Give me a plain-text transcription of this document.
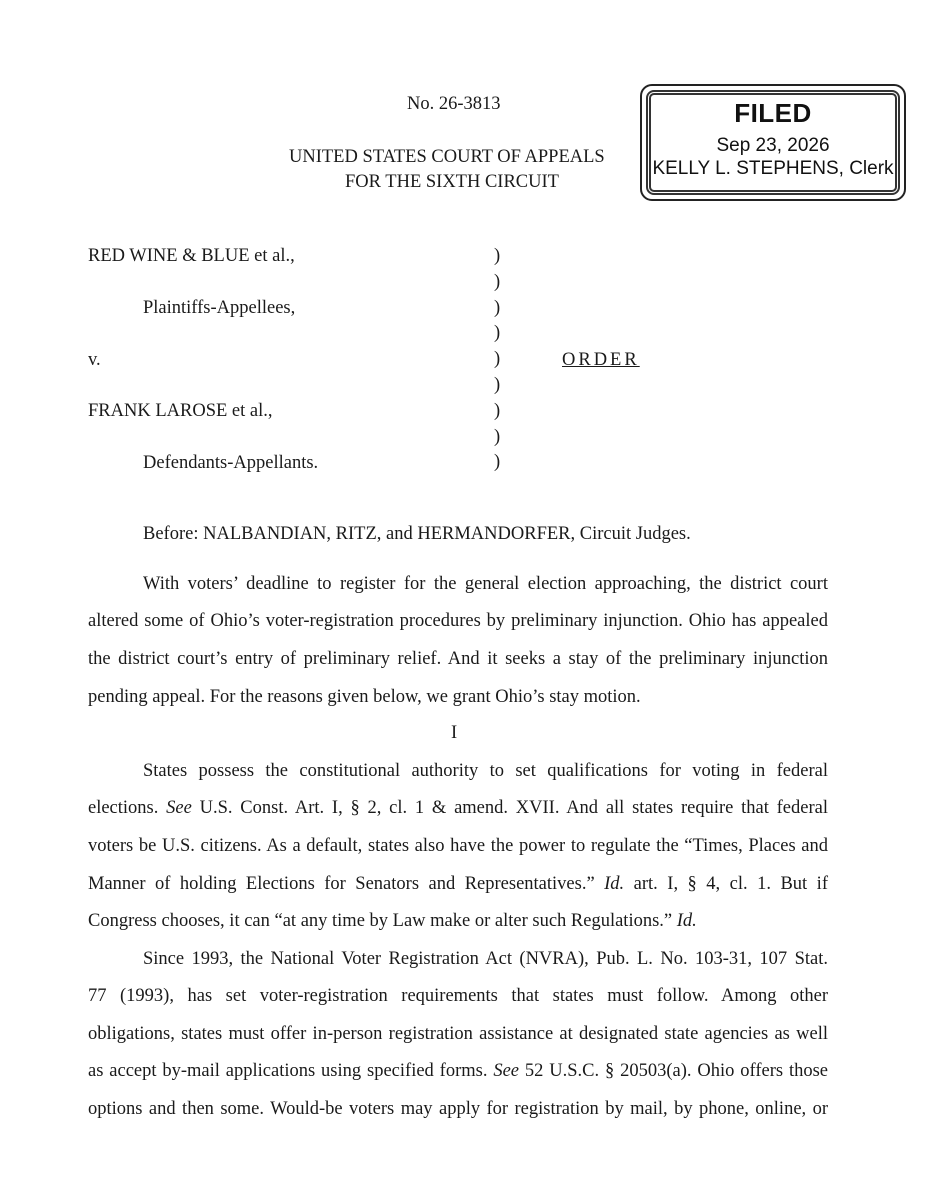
No. 26-3813
UNITED STATES COURT OF APPEALS
FOR THE SIXTH CIRCUIT
FILED
Sep 23, 2026
KELLY L. STEPHENS, Clerk
RED WINE & BLUE et al.,
Plaintiffs-Appellees,
v.
FRANK LAROSE et al.,
Defendants-Appellants.
)
)
)
)
)
)
)
)
)
ORDER
Before: NALBANDIAN, RITZ, and HERMANDORFER, Circuit Judges.
With voters’ deadline to register for the general election approaching, the district court
altered some of Ohio’s voter-registration procedures by preliminary injunction. Ohio has appealed
the district court’s entry of preliminary relief. And it seeks a stay of the preliminary injunction
pending appeal. For the reasons given below, we grant Ohio’s stay motion.
I
States possess the constitutional authority to set qualifications for voting in federal
elections. See U.S. Const. Art. I, § 2, cl. 1 & amend. XVII. And all states require that federal
voters be U.S. citizens. As a default, states also have the power to regulate the “Times, Places and
Manner of holding Elections for Senators and Representatives.” Id. art. I, § 4, cl. 1. But if
Congress chooses, it can “at any time by Law make or alter such Regulations.” Id.
Since 1993, the National Voter Registration Act (NVRA), Pub. L. No. 103-31, 107 Stat.
77 (1993), has set voter-registration requirements that states must follow. Among other
obligations, states must offer in-person registration assistance at designated state agencies as well
as accept by-mail applications using specified forms. See 52 U.S.C. § 20503(a). Ohio offers those
options and then some. Would-be voters may apply for registration by mail, by phone, online, or
